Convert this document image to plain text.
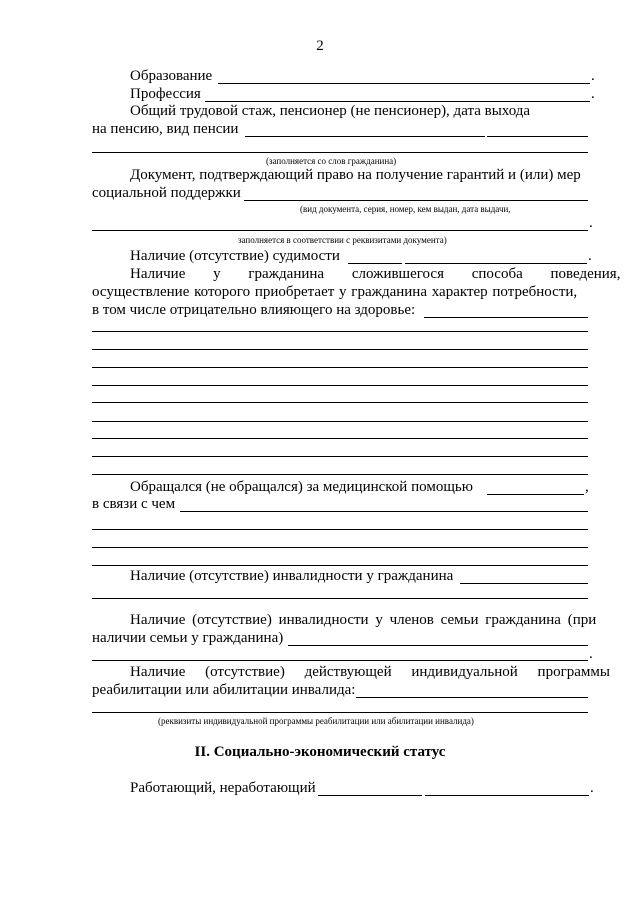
2
Образование	.
Профессия	.
Общий трудовой стаж, пенсионер (не пенсионер), дата выхода
на пенсию, вид пенсии
(заполняется со слов гражданина)
Документ, подтверждающий право на получение гарантий и (или) мер
социальной поддержки
(вид документа, серия, номер, кем выдан, дата выдачи,
.
заполняется в соответствии с реквизитами документа)
Наличие (отсутствие) судимости	.
Наличие у гражданина сложившегося способа поведения,
осуществление которого приобретает у гражданина характер потребности,
в том числе отрицательно влияющего на здоровье:
Обращался (не обращался) за медицинской помощью	,
в связи с чем
Наличие (отсутствие) инвалидности у гражданина
Наличие (отсутствие) инвалидности у членов семьи гражданина (при
наличии семьи у гражданина)
.
Наличие (отсутствие) действующей индивидуальной программы
реабилитации или абилитации инвалида:
(реквизиты индивидуальной программы реабилитации или абилитации инвалида)
II. Социально-экономический статус
Работающий, неработающий	.
